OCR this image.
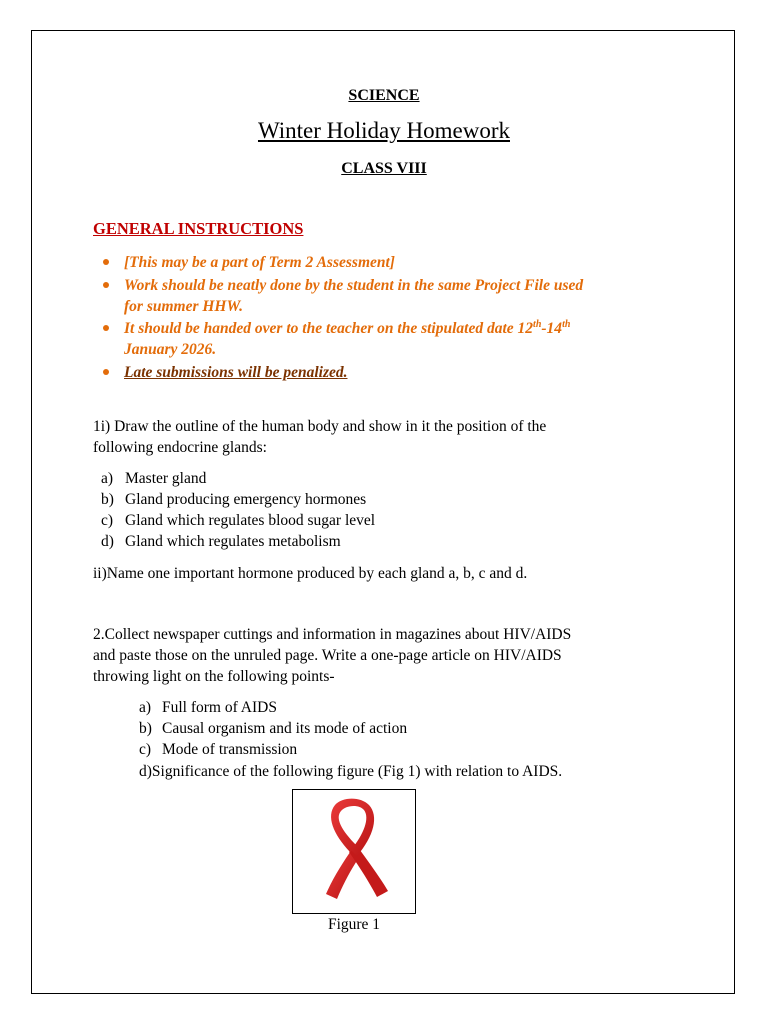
SCIENCE
Winter Holiday Homework
CLASS VIII
GENERAL INSTRUCTIONS
[This may be a part of Term 2 Assessment]
Work should be neatly done by the student in the same Project File used
for summer HHW.
It should be handed over to the teacher on the stipulated date 12th-14th
January 2026.
Late submissions will be penalized.
1i) Draw the outline of the human body and show in it the position of the
following endocrine glands:
a) Master gland
b) Gland producing emergency hormones
c) Gland which regulates blood sugar level
d) Gland which regulates metabolism
ii)Name one important hormone produced by each gland a, b, c and d.
2.Collect newspaper cuttings and information in magazines about HIV/AIDS
and paste those on the unruled page. Write a one-page article on HIV/AIDS
throwing light on the following points-
a) Full form of AIDS
b) Causal organism and its mode of action
c) Mode of transmission
d)Significance of the following figure (Fig 1) with relation to AIDS.
Figure 1
